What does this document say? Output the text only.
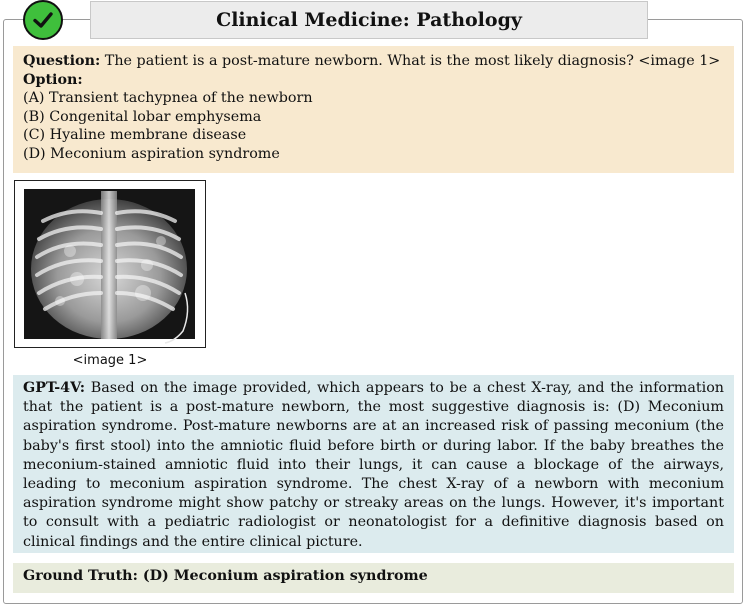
Clinical Medicine: Pathology
Question: The patient is a post-mature newborn. What is the most likely diagnosis? <image 1>
Option:
(A) Transient tachypnea of the newborn
(B) Congenital lobar emphysema
(C) Hyaline membrane disease
(D) Meconium aspiration syndrome
<image 1>
GPT-4V: Based on the image provided, which appears to be a chest X-ray, and the information that the patient is a post-mature newborn, the most suggestive diagnosis is: (D) Meconium aspiration syndrome. Post-mature newborns are at an increased risk of passing meconium (the baby's first stool) into the amniotic fluid before birth or during labor. If the baby breathes the meconium-stained amniotic fluid into their lungs, it can cause a blockage of the airways, leading to meconium aspiration syndrome. The chest X-ray of a newborn with meconium aspiration syndrome might show patchy or streaky areas on the lungs. However, it's important to consult with a pediatric radiologist or neonatologist for a definitive diagnosis based on clinical findings and the entire clinical picture.
Ground Truth: (D) Meconium aspiration syndrome
